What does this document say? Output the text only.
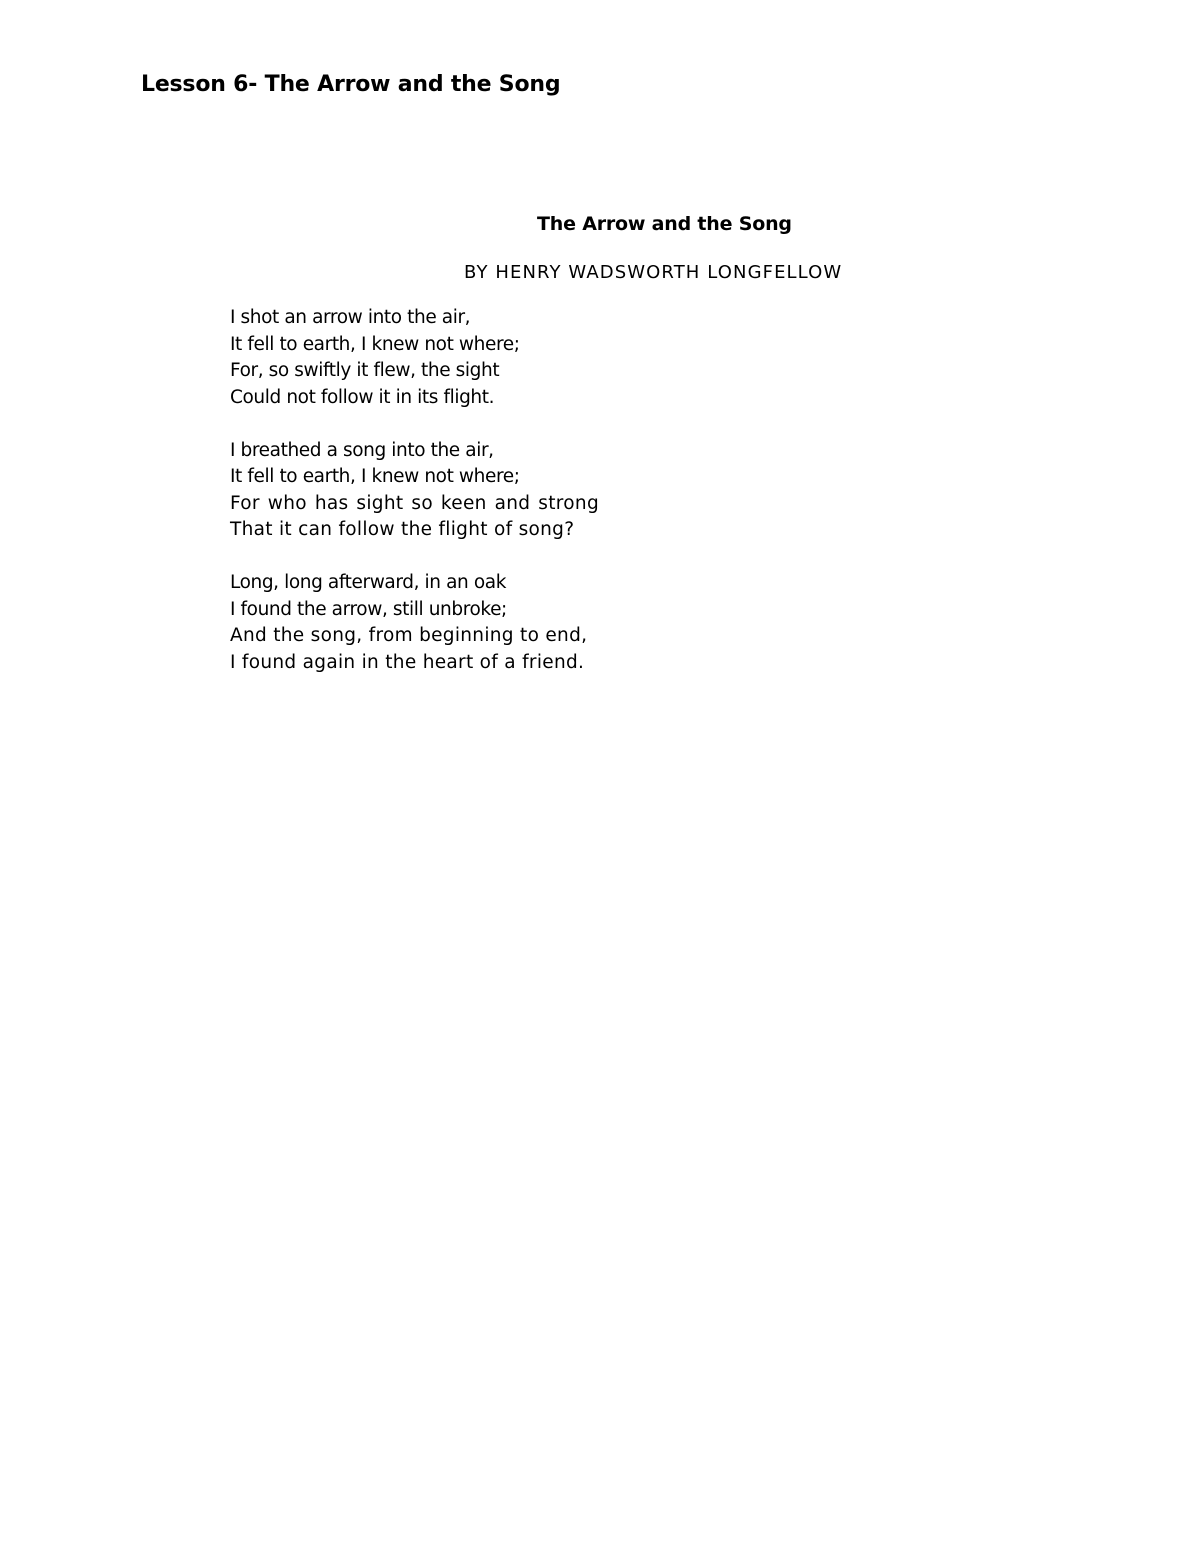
Lesson 6- The Arrow and the Song
The Arrow and the Song

BY HENRY WADSWORTH LONGFELLOW

I shot an arrow into the air,
It fell to earth, I knew not where;
For, so swiftly it flew, the sight
Could not follow it in its flight.
I breathed a song into the air,
It fell to earth, I knew not where;
For who has sight so keen and strong That it can follow the flight of song?
Long, long afterward, in an oak
I found the arrow, still unbroke;
And the song, from beginning to end,
I found again in the heart of a friend.
